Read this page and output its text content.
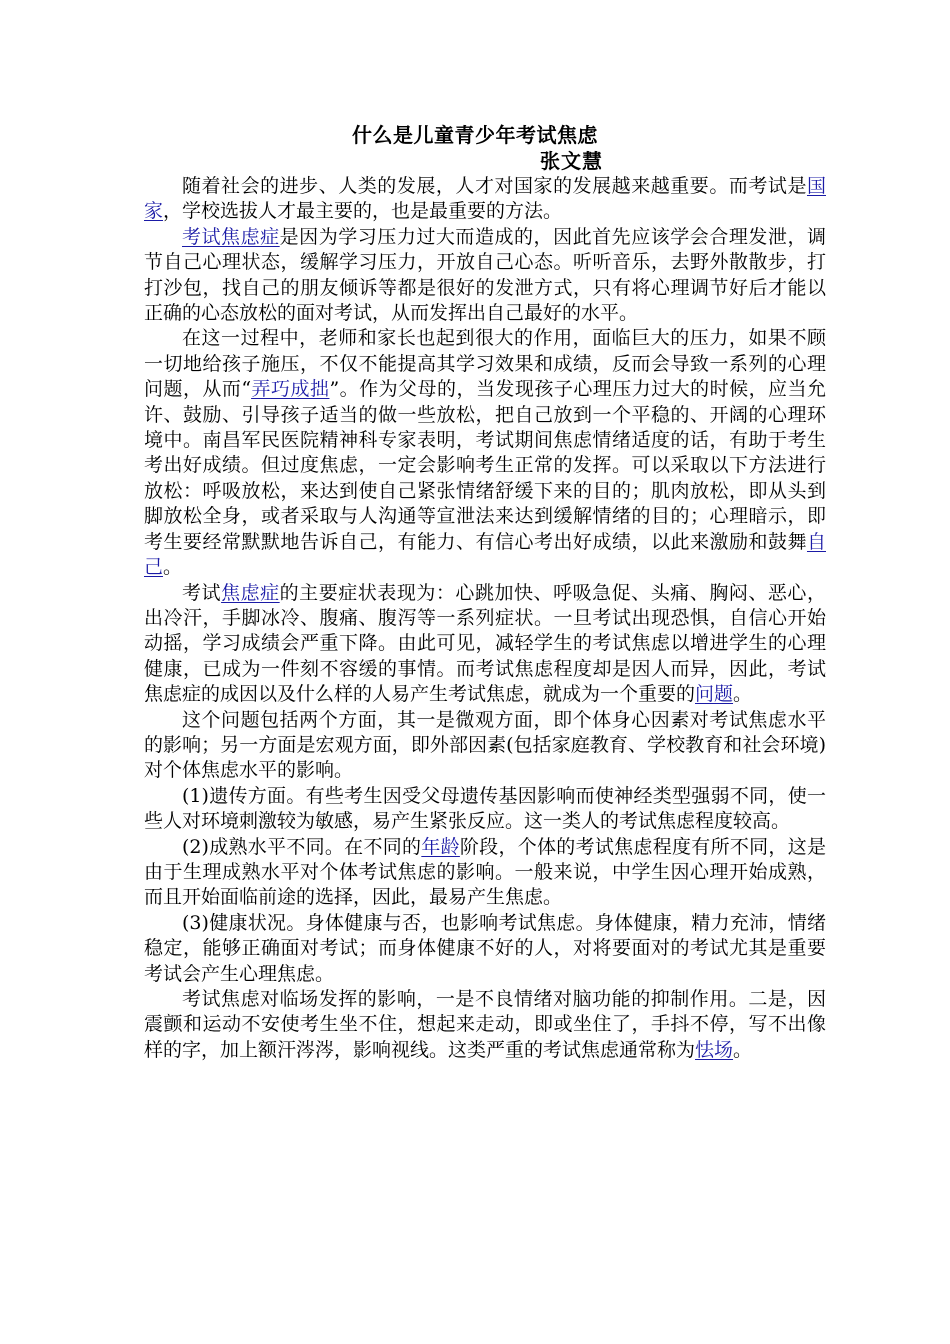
什么是儿童青少年考试焦虑
张文慧

随着社会的进步、人类的发展，人才对国家的发展越来越重要。而考试是国家，学校选拔人才最主要的，也是最重要的方法。

考试焦虑症是因为学习压力过大而造成的，因此首先应该学会合理发泄，调节自己心理状态，缓解学习压力，开放自己心态。听听音乐，去野外散散步，打打沙包，找自己的朋友倾诉等都是很好的发泄方式，只有将心理调节好后才能以正确的心态放松的面对考试，从而发挥出自己最好的水平。

在这一过程中，老师和家长也起到很大的作用，面临巨大的压力，如果不顾一切地给孩子施压，不仅不能提高其学习效果和成绩，反而会导致一系列的心理问题，从而“弄巧成拙”。作为父母的，当发现孩子心理压力过大的时候，应当允许、鼓励、引导孩子适当的做一些放松，把自己放到一个平稳的、开阔的心理环境中。南昌军民医院精神科专家表明，考试期间焦虑情绪适度的话，有助于考生考出好成绩。但过度焦虑，一定会影响考生正常的发挥。可以采取以下方法进行放松：呼吸放松，来达到使自己紧张情绪舒缓下来的目的；肌肉放松，即从头到脚放松全身，或者采取与人沟通等宣泄法来达到缓解情绪的目的；心理暗示，即考生要经常默默地告诉自己，有能力、有信心考出好成绩，以此来激励和鼓舞自己。

考试焦虑症的主要症状表现为：心跳加快、呼吸急促、头痛、胸闷、恶心，出冷汗，手脚冰冷、腹痛、腹泻等一系列症状。一旦考试出现恐惧，自信心开始动摇，学习成绩会严重下降。由此可见，减轻学生的考试焦虑以增进学生的心理健康，已成为一件刻不容缓的事情。而考试焦虑程度却是因人而异，因此，考试焦虑症的成因以及什么样的人易产生考试焦虑，就成为一个重要的问题。

这个问题包括两个方面，其一是微观方面，即个体身心因素对考试焦虑水平的影响；另一方面是宏观方面，即外部因素(包括家庭教育、学校教育和社会环境)对个体焦虑水平的影响。

(1)遗传方面。有些考生因受父母遗传基因影响而使神经类型强弱不同，使一些人对环境刺激较为敏感，易产生紧张反应。这一类人的考试焦虑程度较高。

(2)成熟水平不同。在不同的年龄阶段，个体的考试焦虑程度有所不同，这是由于生理成熟水平对个体考试焦虑的影响。一般来说，中学生因心理开始成熟，而且开始面临前途的选择，因此，最易产生焦虑。

(3)健康状况。身体健康与否，也影响考试焦虑。身体健康，精力充沛，情绪稳定，能够正确面对考试；而身体健康不好的人，对将要面对的考试尤其是重要考试会产生心理焦虑。

考试焦虑对临场发挥的影响，一是不良情绪对脑功能的抑制作用。二是，因震颤和运动不安使考生坐不住，想起来走动，即或坐住了，手抖不停，写不出像样的字，加上额汗涔涔，影响视线。这类严重的考试焦虑通常称为怯场。
